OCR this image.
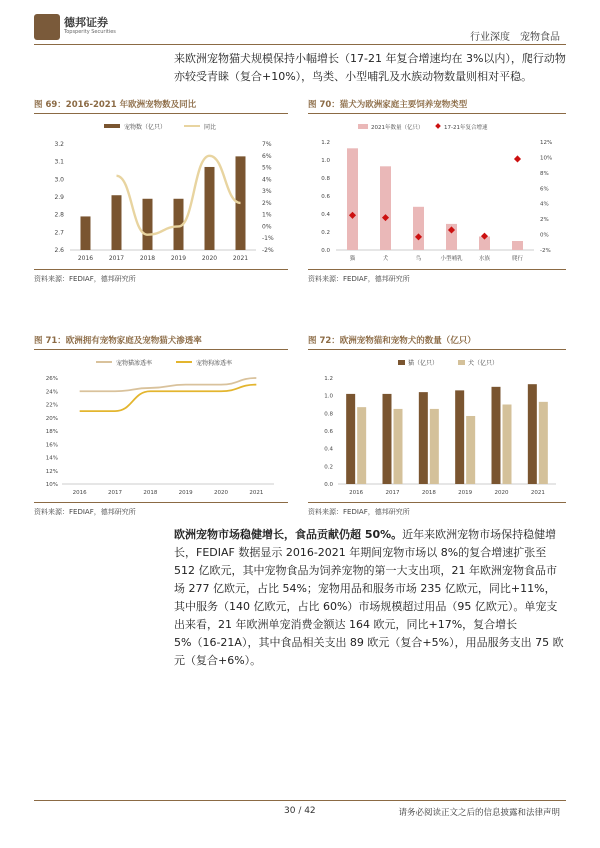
德邦证券
Topsperity Securities	行业深度　宠物食品
来欧洲宠物猫犬规模保持小幅增长（17-21 年复合增速均在 3%以内），爬行动物亦较受青睐（复合+10%），鸟类、小型哺乳及水族动物数量则相对平稳。
图 69：2016-2021 年欧洲宠物数及同比
宠物数（亿只）	同比
2.6
2.7
2.8
2.9
3.0
3.1
3.2
-2%
-1%
0%
1%
2%
3%
4%
5%
6%
7%
2016	2017	2018	2019	2020	2021
资料来源：FEDIAF，德邦研究所
图 70：猫犬为欧洲家庭主要饲养宠物类型
2021年数量（亿只）	17-21年复合增速
0.0
0.2
0.4
0.6
0.8
1.0
1.2
-2%
0%
2%
4%
6%
8%
10%
12%
猫	犬	鸟	小型哺乳	水族	爬行
资料来源：FEDIAF，德邦研究所
图 71：欧洲拥有宠物家庭及宠物猫犬渗透率
宠物猫渗透率	宠物狗渗透率
10%
12%
14%
16%
18%
20%
22%
24%
26%
2016	2017	2018	2019	2020	2021
资料来源：FEDIAF，德邦研究所
图 72：欧洲宠物猫和宠物犬的数量（亿只）
猫（亿只）	犬（亿只）
0.0
0.2
0.4
0.6
0.8
1.0
1.2
2016	2017	2018	2019	2020	2021
资料来源：FEDIAF，德邦研究所
欧洲宠物市场稳健增长，食品贡献仍超 50%。近年来欧洲宠物市场保持稳健增长，FEDIAF 数据显示 2016-2021 年期间宠物市场以 8%的复合增速扩张至 512 亿欧元，其中宠物食品为饲养宠物的第一大支出项，21 年欧洲宠物食品市场 277 亿欧元，占比 54%；宠物用品和服务市场 235 亿欧元，同比+11%，其中服务（140 亿欧元，占比 60%）市场规模超过用品（95 亿欧元）。单宠支出来看，21 年欧洲单宠消费金额达 164 欧元，同比+17%，复合增长 5%（16-21A），其中食品相关支出 89 欧元（复合+5%），用品服务支出 75 欧元（复合+6%）。
30 / 42	请务必阅读正文之后的信息披露和法律声明
